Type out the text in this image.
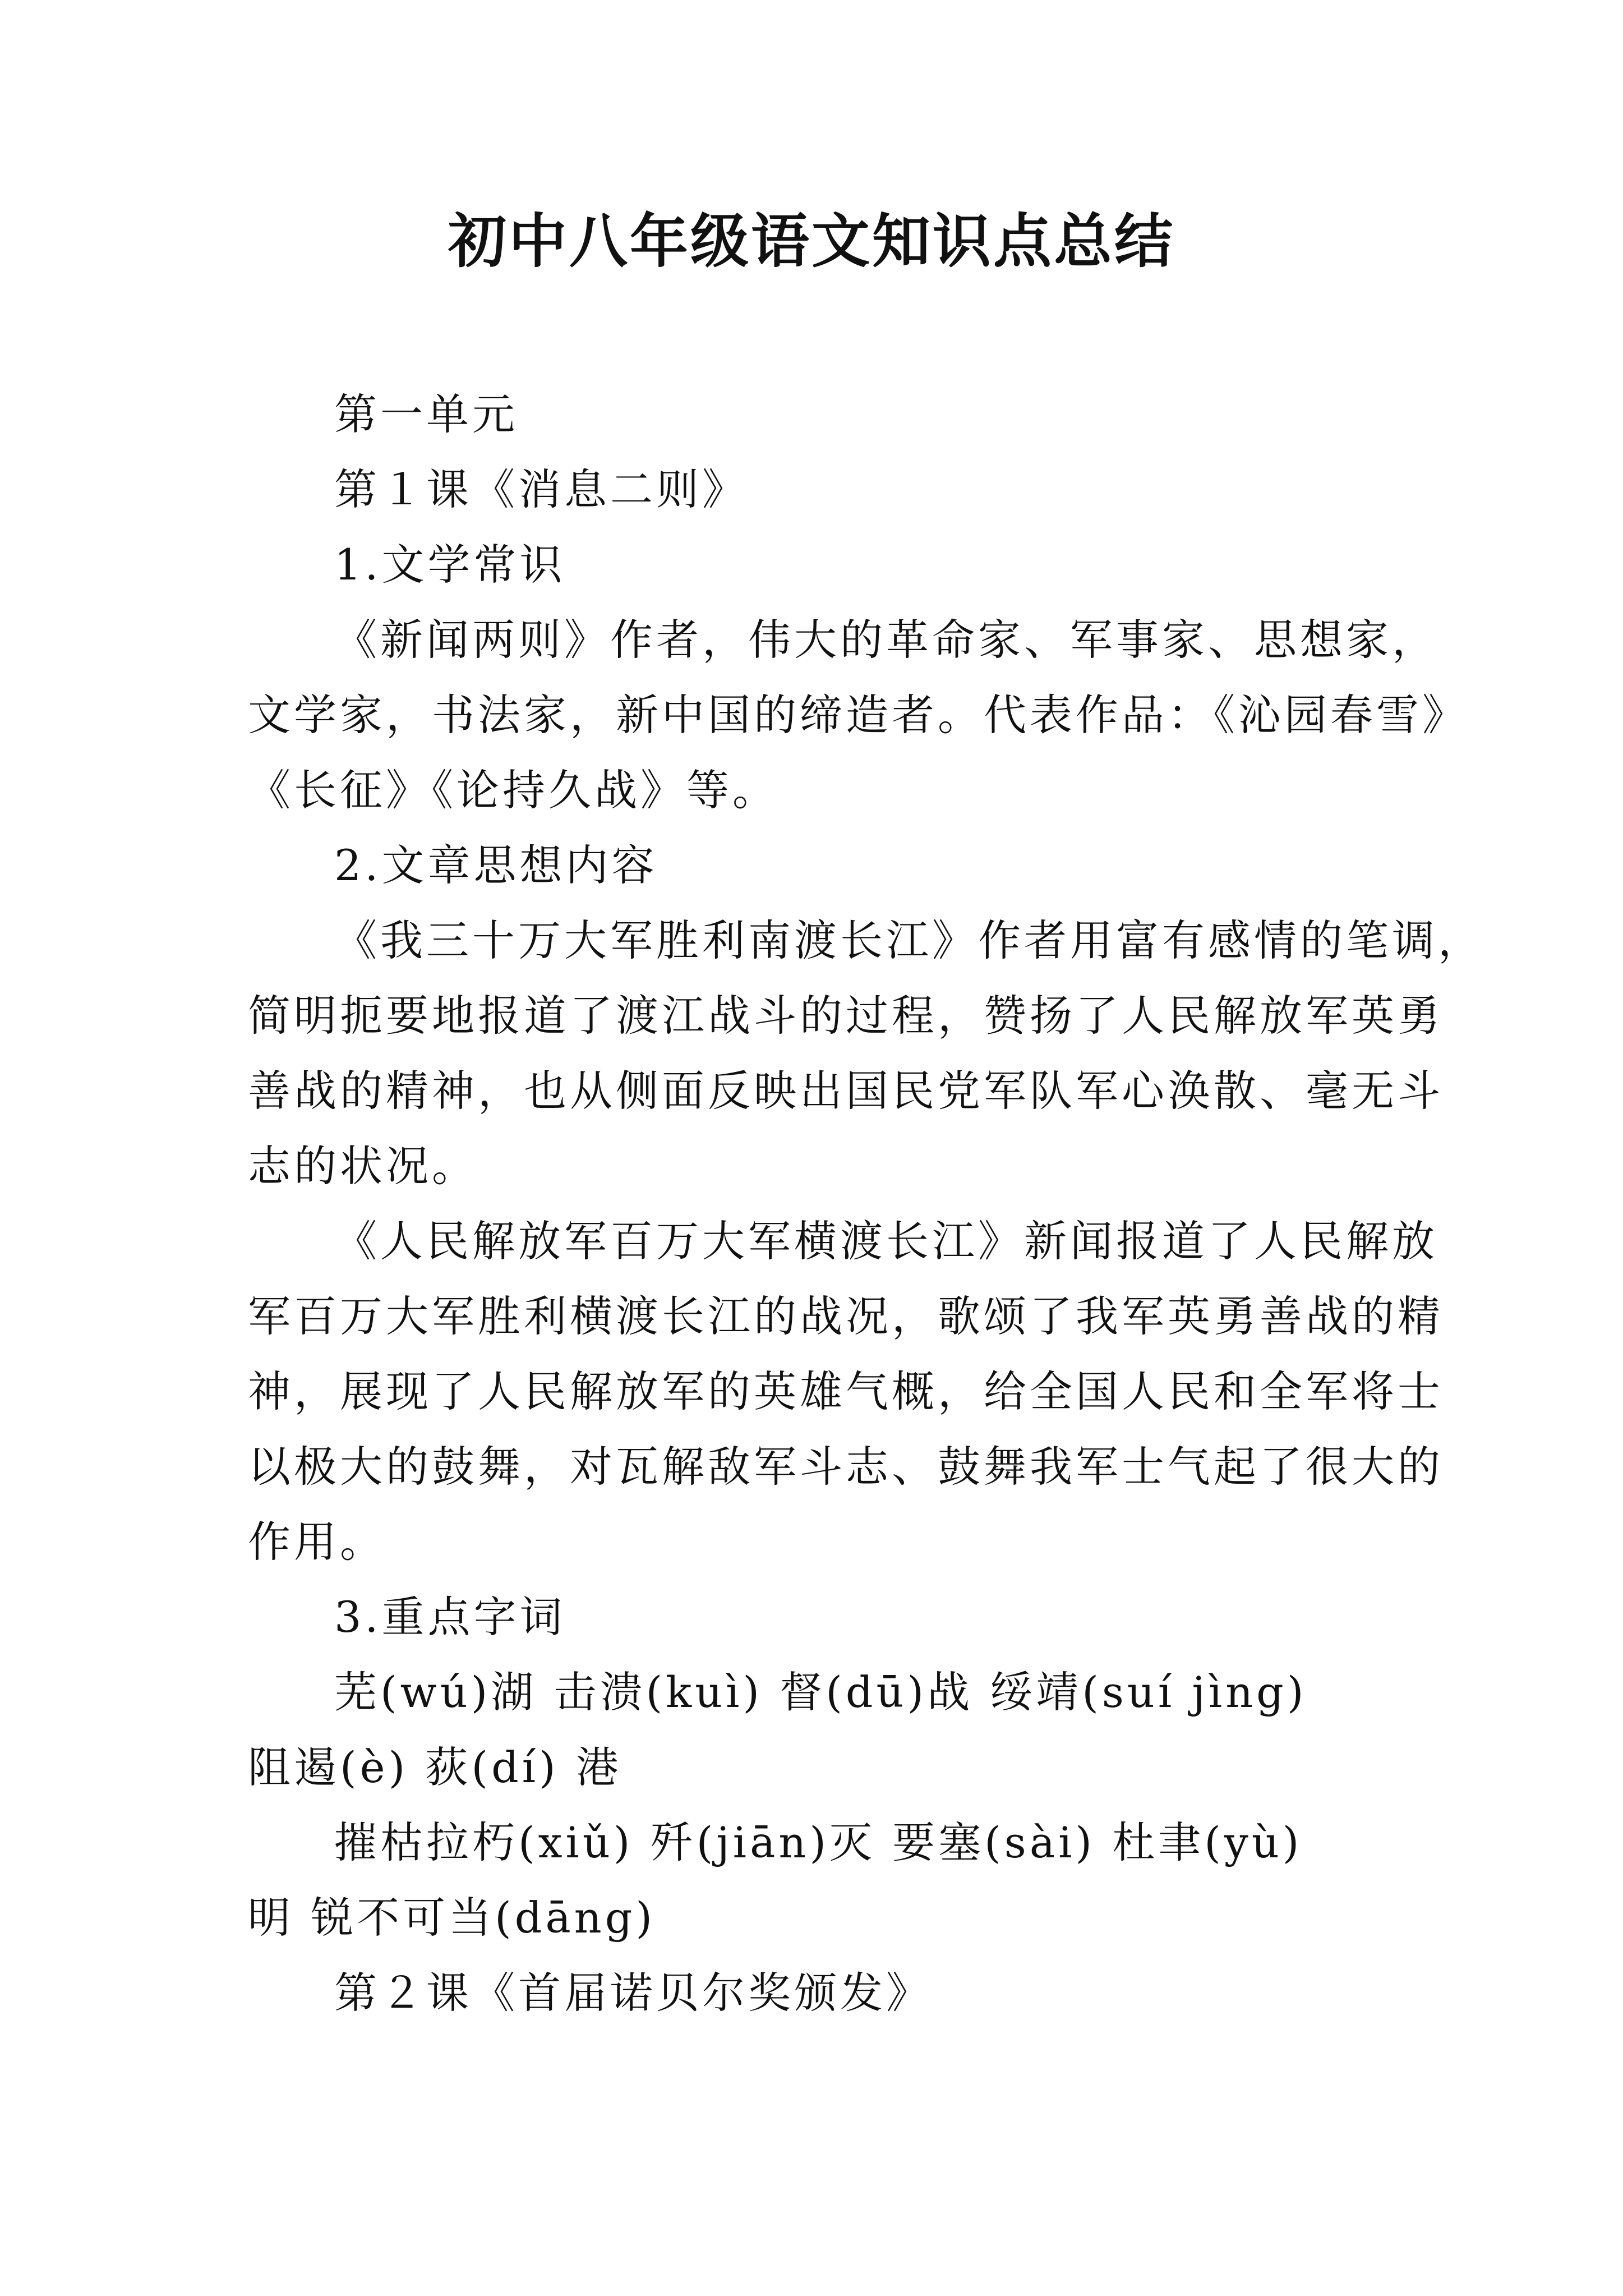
初中八年级语文知识点总结
第一单元
第１课《消息二则》
1.文学常识
《新闻两则》作者，伟大的革命家、军事家、思想家，
文学家，书法家，新中国的缔造者。代表作品：《沁园春雪》
《长征》《论持久战》等。
2.文章思想内容
《我三十万大军胜利南渡长江》作者用富有感情的笔调，
简明扼要地报道了渡江战斗的过程，赞扬了人民解放军英勇
善战的精神，也从侧面反映出国民党军队军心涣散、毫无斗
志的状况。
《人民解放军百万大军横渡长江》新闻报道了人民解放
军百万大军胜利横渡长江的战况，歌颂了我军英勇善战的精
神，展现了人民解放军的英雄气概，给全国人民和全军将士
以极大的鼓舞，对瓦解敌军斗志、鼓舞我军士气起了很大的
作用。
3.重点字词
芜(wú)湖 击溃(kuì) 督(dū)战 绥靖(suí jìng)
阻遏(è) 荻(dí) 港
摧枯拉朽(xiǔ) 歼(jiān)灭 要塞(sài) 杜聿(yù)
明 锐不可当(dāng)
第２课《首届诺贝尔奖颁发》
